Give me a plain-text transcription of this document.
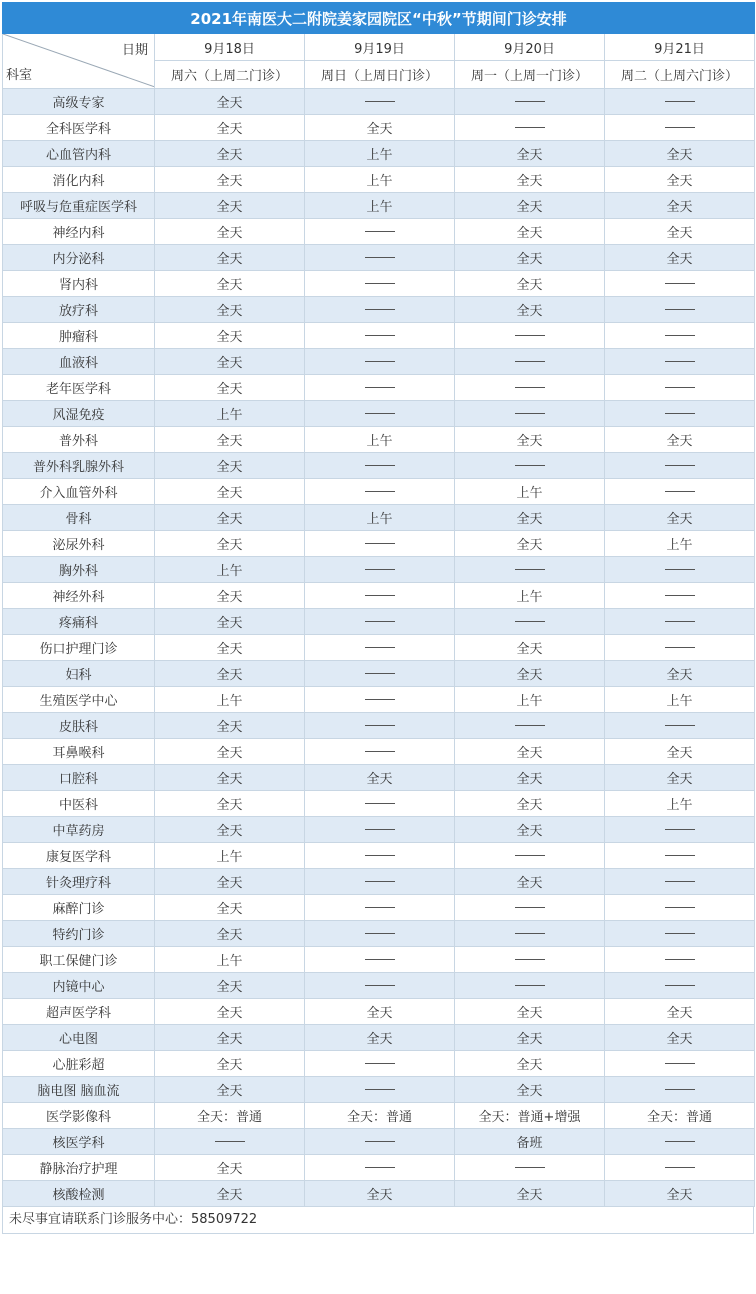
2021年南医大二附院姜家园院区“中秋”节期间门诊安排				

日期	9月18日	9月19日	9月20日	9月21日
	周六（上周二门诊）	周日（上周日门诊）	周一（上周一门诊）	周二（上周六门诊）
高级专家	全天			
全科医学科	全天	全天		
心血管内科	全天	上午	全天	全天
消化内科	全天	上午	全天	全天
呼吸与危重症医学科	全天	上午	全天	全天
神经内科	全天		全天	全天
内分泌科	全天		全天	全天
肾内科	全天		全天	
放疗科	全天		全天	
肿瘤科	全天			
血液科	全天			
老年医学科	全天			
风湿免疫	上午			
普外科	全天	上午	全天	全天
普外科乳腺外科	全天			
介入血管外科	全天		上午	
骨科	全天	上午	全天	全天
泌尿外科	全天		全天	上午
胸外科	上午			
神经外科	全天		上午	
疼痛科	全天			
伤口护理门诊	全天		全天	
妇科	全天		全天	全天
生殖医学中心	上午		上午	上午
皮肤科	全天			
耳鼻喉科	全天		全天	全天
口腔科	全天	全天	全天	全天
中医科	全天		全天	上午
中草药房	全天		全天	
康复医学科	上午			
针灸理疗科	全天		全天	
麻醉门诊	全天			
特约门诊	全天			
职工保健门诊	上午			
内镜中心	全天			
超声医学科	全天	全天	全天	全天
心电图	全天	全天	全天	全天
心脏彩超	全天		全天	
脑电图 脑血流	全天		全天	
医学影像科	全天：普通	全天：普通	全天：普通+增强	全天：普通
核医学科			备班	
静脉治疗护理	全天			
核酸检测	全天	全天	全天	全天
科室
未尽事宜请联系门诊服务中心：58509722
